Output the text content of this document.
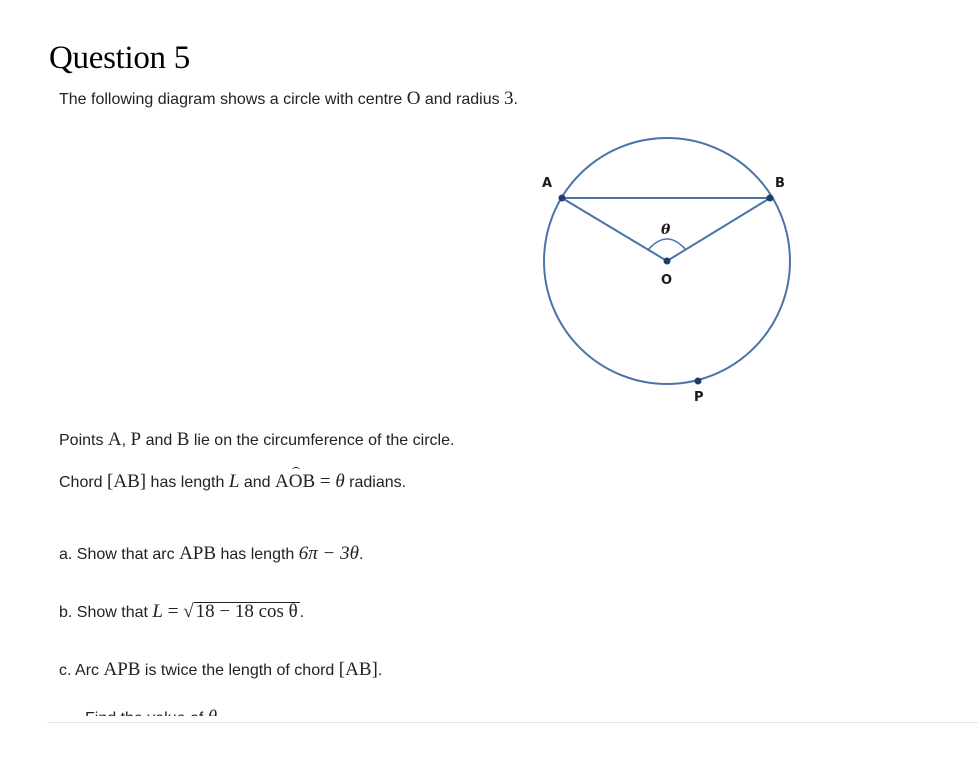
Question 5
The following diagram shows a circle with centre O and radius 3.
A	B
θ
O
P
Points A, P and B lie on the circumference of the circle.
Chord [AB] has length L and AOB = θ radians.
a. Show that arc APB has length 6π − 3θ.
b. Show that L = √ 18 − 18 cos θ .
c. Arc APB is twice the length of chord [AB].
